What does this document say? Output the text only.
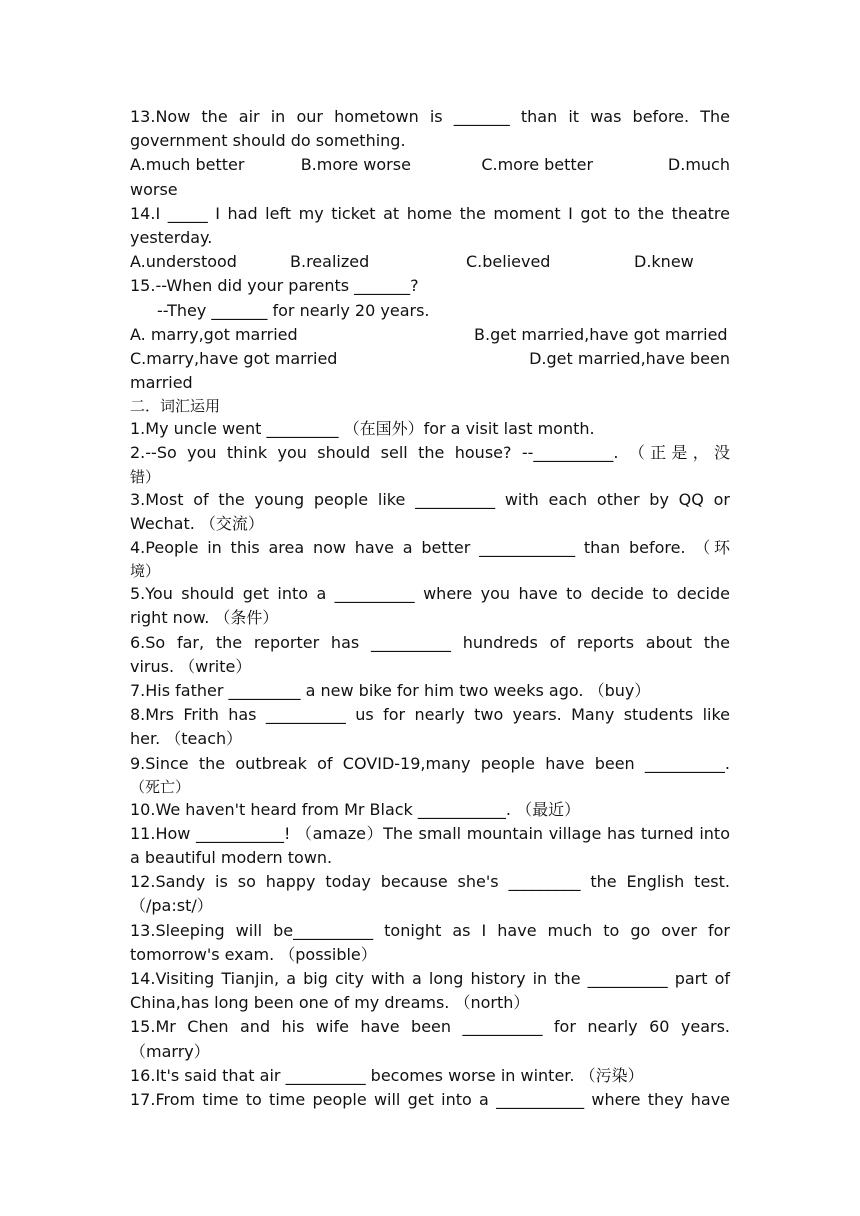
13.Now the air in our hometown is _______ than it was before. The
government should do something.
A.much better	B.more worse	C.more better	D.much
worse
14.I _____ I had left my ticket at home the moment I got to the theatre
yesterday.
A.understood	B.realized	C.believed	D.knew
15.--When did your parents _______?
--They _______ for nearly 20 years.
A. marry,got married	B.get married,have got married
C.marry,have got married	D.get married,have been
married
二．词汇运用
1.My uncle went _________ （在国外）for a visit last month.
2.--So you think you should sell the house? --__________. （正是，没
错）
3.Most of the young people like __________ with each other by QQ or
Wechat. （交流）
4.People in this area now have a better ____________ than before. （环
境）
5.You should get into a __________ where you have to decide to decide
right now. （条件）
6.So far, the reporter has __________ hundreds of reports about the
virus. （write）
7.His father _________ a new bike for him two weeks ago. （buy）
8.Mrs Frith has __________ us for nearly two years. Many students like
her. （teach）
9.Since the outbreak of COVID-19,many people have been __________.
（死亡）
10.We haven't heard from Mr Black ___________. （最近）
11.How ___________! （amaze）The small mountain village has turned into
a beautiful modern town.
12.Sandy is so happy today because she's _________ the English test.
（/pa:st/）
13.Sleeping will be__________ tonight as I have much to go over for
tomorrow's exam. （possible）
14.Visiting Tianjin, a big city with a long history in the __________ part of
China,has long been one of my dreams. （north）
15.Mr Chen and his wife have been __________ for nearly 60 years.
（marry）
16.It's said that air __________ becomes worse in winter. （污染）
17.From time to time people will get into a ___________ where they have
